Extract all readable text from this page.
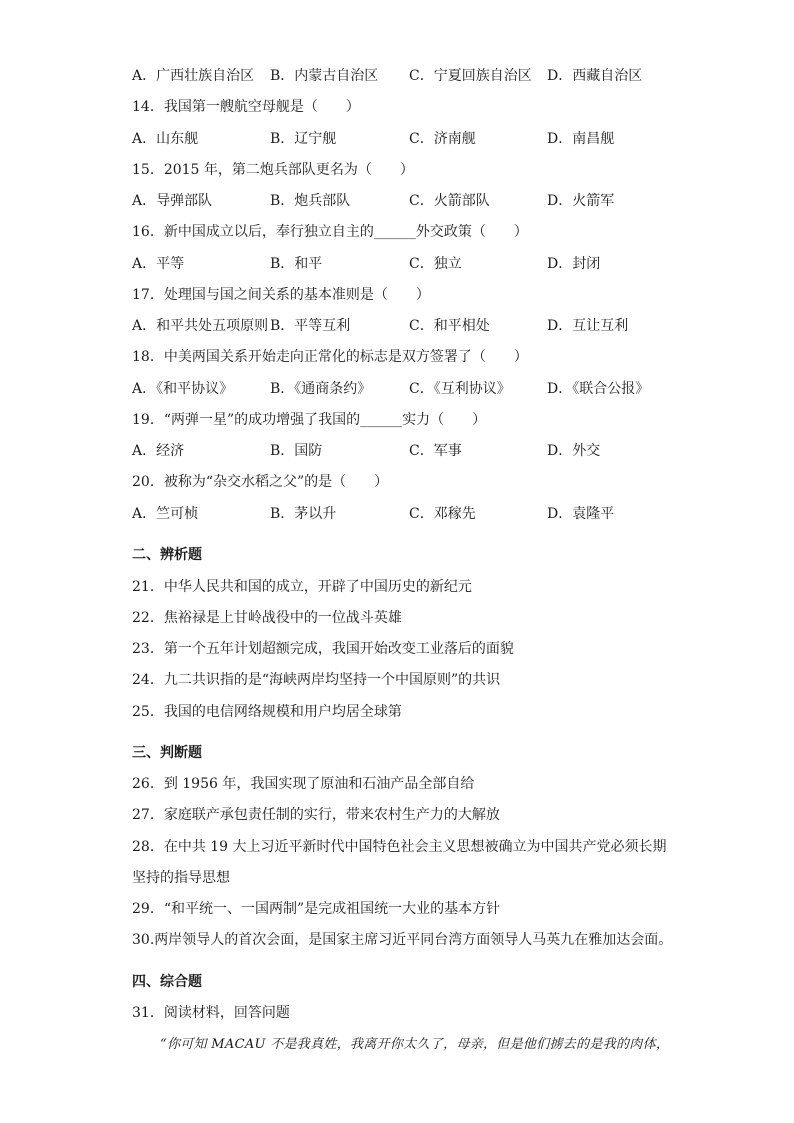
A．广西壮族自治区 B．内蒙古自治区 C．宁夏回族自治区 D．西藏自治区
14．我国第一艘航空母舰是（　　）
A．山东舰	B．辽宁舰	C．济南舰	D．南昌舰
15．2015 年，第二炮兵部队更名为（　　）
A．导弹部队	B．炮兵部队	C．火箭部队	D．火箭军
16．新中国成立以后，奉行独立自主的______外交政策（　　）
A．平等	B．和平	C．独立	D．封闭
17．处理国与国之间关系的基本准则是（　　）
A．和平共处五项原则 B．平等互利	C．和平相处	D．互让互利
18．中美两国关系开始走向正常化的标志是双方签署了（　　）
A．《和平协议》	B．《通商条约》	C．《互利协议》	D．《联合公报》
19．“两弹一星”的成功增强了我国的______实力（　　）
A．经济	B．国防	C．军事	D．外交
20．被称为“杂交水稻之父”的是（　　）
A．竺可桢	B．茅以升	C．邓稼先	D．袁隆平
二、辨析题
21．中华人民共和国的成立，开辟了中国历史的新纪元
22．焦裕禄是上甘岭战役中的一位战斗英雄
23．第一个五年计划超额完成，我国开始改变工业落后的面貌
24．九二共识指的是“海峡两岸均坚持一个中国原则”的共识
25．我国的电信网络规模和用户均居全球第
三、判断题
26．到 1956 年，我国实现了原油和石油产品全部自给
27．家庭联产承包责任制的实行，带来农村生产力的大解放
28．在中共 19 大上习近平新时代中国特色社会主义思想被确立为中国共产党必须长期
坚持的指导思想
29．“和平统一、一国两制”是完成祖国统一大业的基本方针
30.两岸领导人的首次会面，是国家主席习近平同台湾方面领导人马英九在雅加达会面。
四、综合题
31．阅读材料，回答问题
“你可知 MACAU 不是我真姓，我离开你太久了，母亲，但是他们掳去的是我的肉体，
